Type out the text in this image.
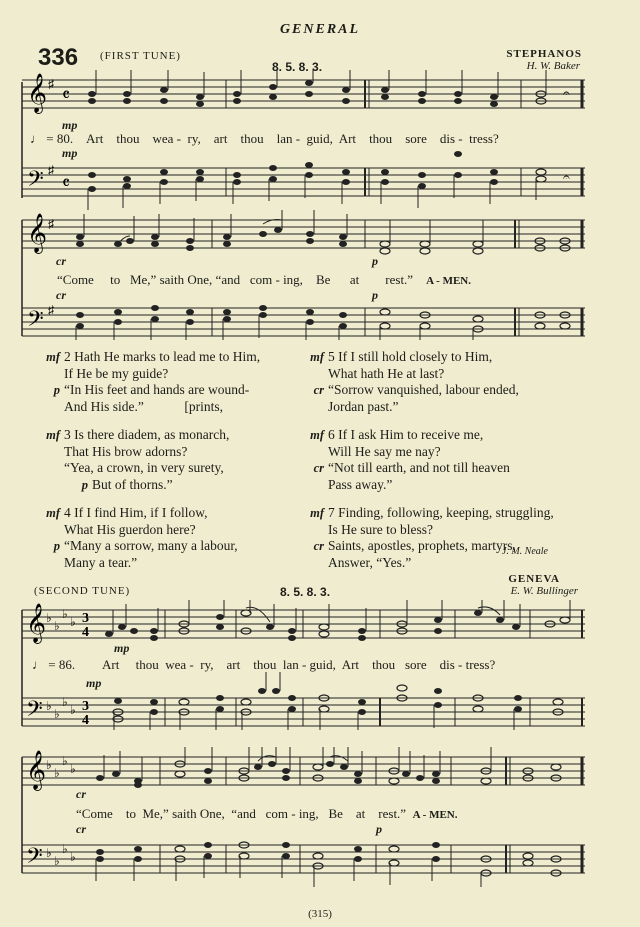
GENERAL
336 (FIRST TUNE)
8. 5. 8. 3.
STEPHANOS
H. W. Baker
𝄞
𝄢
♯
♯
𝄴
𝄴
𝄐
𝄐
mp
♩ = 80. Art thou wea - ry, art thou lan - guid, Art thou sore dis - tress?
mp
𝄞
𝄢
♯
♯
cr	p
“Come to Me,” saith One, “and com - ing, Be at rest.” A - MEN.
cr	p
mf 2 Hath He marks to lead me to Him,
If He be my guide?
p “In His feet and hands are wound-
And His side.”	[prints,
mf 3 Is there diadem, as monarch,
That His brow adorns?
“Yea, a crown, in very surety,
p But of thorns.”
mf 4 If I find Him, if I follow,
What His guerdon here?
p “Many a sorrow, many a labour,
Many a tear.”
mf 5 If I still hold closely to Him,
What hath He at last?
cr “Sorrow vanquished, labour ended,
Jordan past.”
mf 6 If I ask Him to receive me,
Will He say me nay?
cr “Not till earth, and not till heaven
Pass away.”
mf 7 Finding, following, keeping, struggling,
Is He sure to bless?
cr Saints, apostles, prophets, martyrs,
Answer, “Yes.”
J. M. Neale
(SECOND TUNE)	8. 5. 8. 3.
GENEVA
E. W. Bullinger
𝄞
𝄢
♭
♭
♭
♭
♭
♭
♭
♭
3
4
3
4
♩ = 86.
mp
Art thou wea - ry, art thou lan - guid, Art thou sore dis - tress?
mp
𝄞
𝄢
♭
♭
♭
♭
♭
♭
♭
♭
cr
“Come to Me,” saith One, “and com - ing, Be at rest.” A - MEN.
cr	p
(315)
